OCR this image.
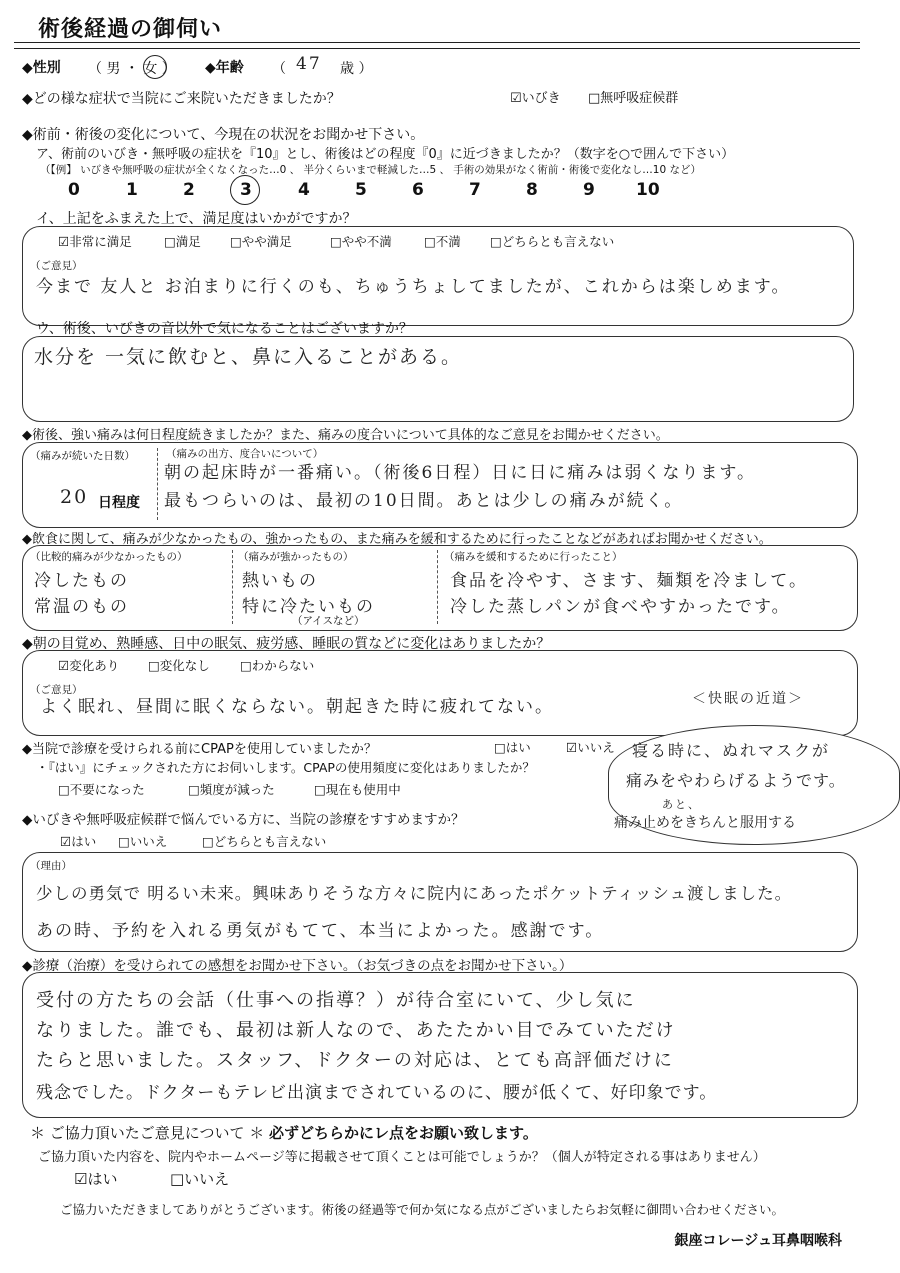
術後経過の御伺い
◆性別 （ 男 ・ 女 ） ◆年齢 （ 47 歳 ）
◆どの様な症状で当院にご来院いただきましたか？	☑いびき □無呼吸症候群
◆術前・術後の変化について、今現在の状況をお聞かせ下さい。
ア、術前のいびき・無呼吸の症状を『10』とし、術後はどの程度『0』に近づきましたか？（数字を○で囲んで下さい）
（【例】 いびきや無呼吸の症状が全くなくなった…0 、 半分くらいまで軽減した…5 、 手術の効果がなく術前・術後で変化なし…10 など）
0	1	2	3	4	5	6	7	8	9 10
イ、上記をふまえた上で、満足度はいかがですか？
☑非常に満足	□満足 □やや満足	□やや不満	□不満 □どちらとも言えない
（ご意見）
今まで 友人と お泊まりに行くのも、ちゅうちょしてましたが、これからは楽しめます。
ウ、術後、いびきの音以外で気になることはございますか？
水分を 一気に飲むと、鼻に入ることがある。
◆術後、強い痛みは何日程度続きましたか？また、痛みの度合いについて具体的なご意見をお聞かせください。
（痛みが続いた日数）
20 日程度
（痛みの出方、度合いについて）
朝の起床時が一番痛い。（術後6日程）日に日に痛みは弱くなります。
最もつらいのは、最初の10日間。あとは少しの痛みが続く。
◆飲食に関して、痛みが少なかったもの、強かったもの、また痛みを緩和するために行ったことなどがあればお聞かせください。
（比較的痛みが少なかったもの）
冷したもの
常温のもの
（痛みが強かったもの）
熱いもの
特に冷たいもの
（アイスなど）
（痛みを緩和するために行ったこと）
食品を冷やす、さます、麺類を冷まして。
冷した蒸しパンが食べやすかったです。
◆朝の目覚め、熟睡感、日中の眠気、疲労感、睡眠の質などに変化はありましたか？
☑変化あり □変化なし □わからない
（ご意見）
よく眠れ、昼間に眠くならない。朝起きた時に疲れてない。	＜快眠の近道＞
◆当院で診療を受けられる前にCPAPを使用していましたか？	□はい	☑いいえ
・『はい』にチェックされた方にお伺いします。CPAPの使用頻度に変化はありましたか？
□不要になった	□頻度が減った	□現在も使用中
寝る時に、ぬれマスクが
痛みをやわらげるようです。
あと、
痛み止めをきちんと服用する
◆いびきや無呼吸症候群で悩んでいる方に、当院の診療をすすめますか？
☑はい □いいえ	□どちらとも言えない
（理由）
少しの勇気で 明るい未来。興味ありそうな方々に院内にあったポケットティッシュ渡しました。
あの時、予約を入れる勇気がもてて、本当によかった。感謝です。
◆診療（治療）を受けられての感想をお聞かせ下さい。（お気づきの点をお聞かせ下さい。）
受付の方たちの会話（仕事への指導？）が待合室にいて、少し気に
なりました。誰でも、最初は新人なので、あたたかい目でみていただけ
たらと思いました。スタッフ、ドクターの対応は、とても高評価だけに
残念でした。ドクターもテレビ出演までされているのに、腰が低くて、好印象です。
＊ ご協力頂いたご意見について ＊ 必ずどちらかにレ点をお願い致します。
ご協力頂いた内容を、院内やホームページ等に掲載させて頂くことは可能でしょうか？（個人が特定される事はありません）
☑はい	□いいえ
ご協力いただきましてありがとうございます。術後の経過等で何か気になる点がございましたらお気軽に御問い合わせください。
銀座コレージュ耳鼻咽喉科
